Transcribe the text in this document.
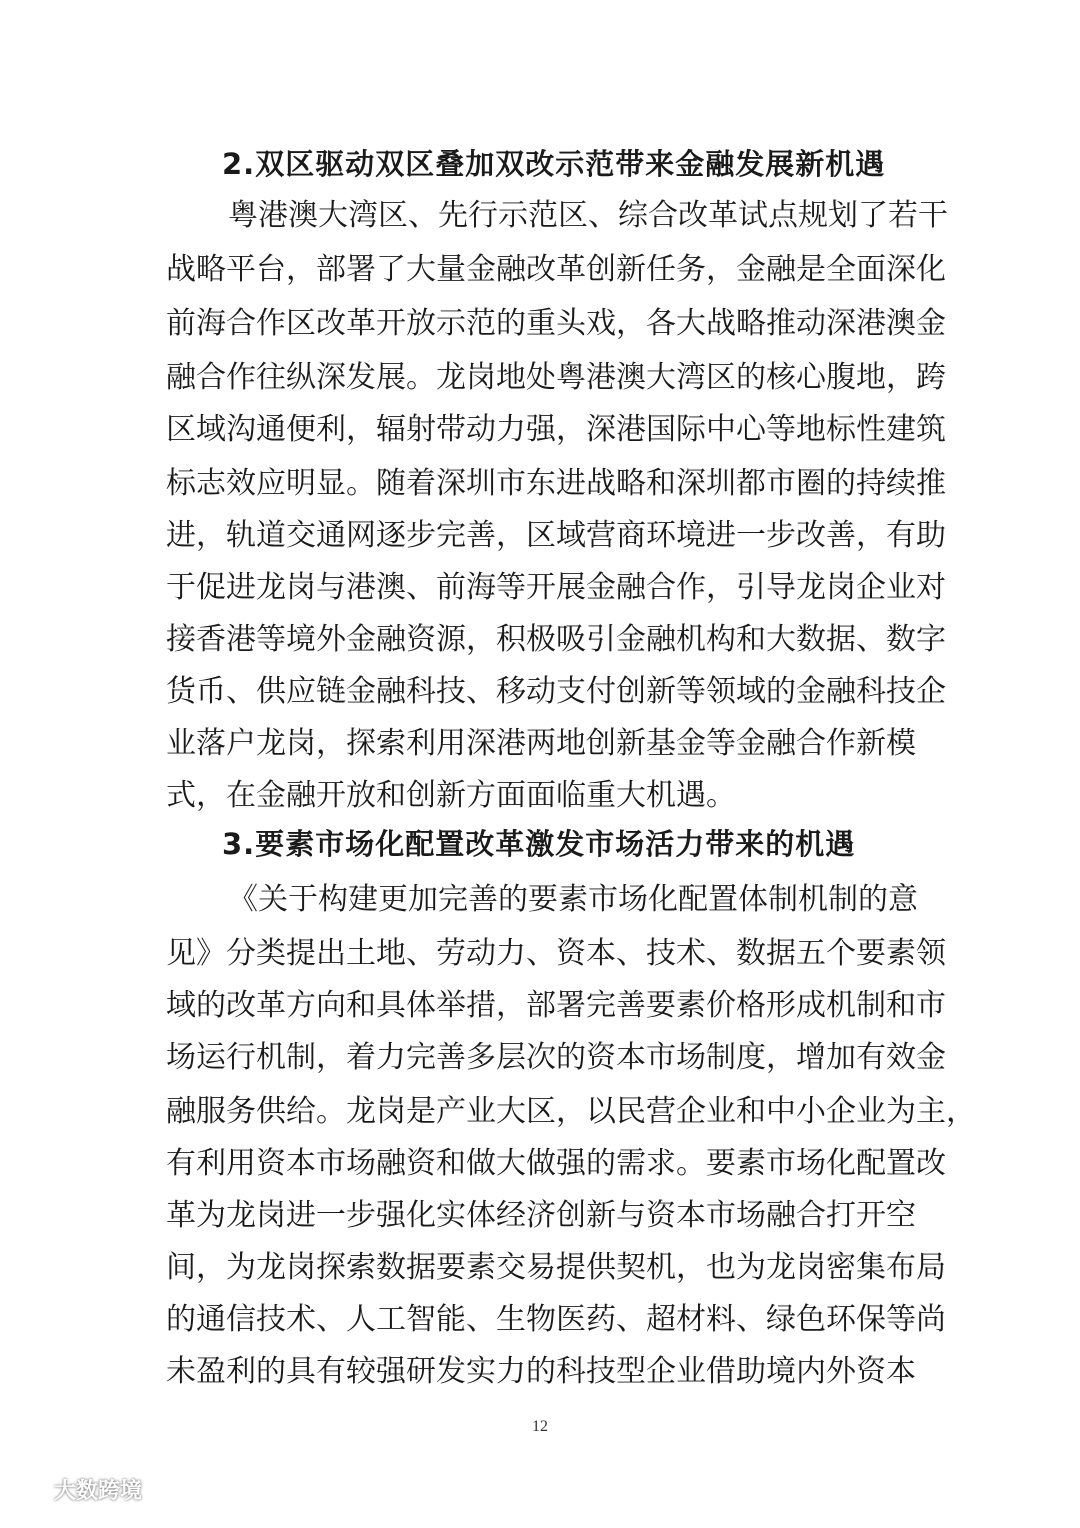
2.双区驱动双区叠加双改示范带来金融发展新机遇
粤港澳大湾区、先行示范区、综合改革试点规划了若干
战略平台，部署了大量金融改革创新任务，金融是全面深化
前海合作区改革开放示范的重头戏，各大战略推动深港澳金
融合作往纵深发展。龙岗地处粤港澳大湾区的核心腹地，跨
区域沟通便利，辐射带动力强，深港国际中心等地标性建筑
标志效应明显。随着深圳市东进战略和深圳都市圈的持续推
进，轨道交通网逐步完善，区域营商环境进一步改善，有助
于促进龙岗与港澳、前海等开展金融合作，引导龙岗企业对
接香港等境外金融资源，积极吸引金融机构和大数据、数字
货币、供应链金融科技、移动支付创新等领域的金融科技企
业落户龙岗，探索利用深港两地创新基金等金融合作新模
式，在金融开放和创新方面面临重大机遇。
3.要素市场化配置改革激发市场活力带来的机遇
《关于构建更加完善的要素市场化配置体制机制的意
见》分类提出土地、劳动力、资本、技术、数据五个要素领
域的改革方向和具体举措，部署完善要素价格形成机制和市
场运行机制，着力完善多层次的资本市场制度，增加有效金
融服务供给。龙岗是产业大区，以民营企业和中小企业为主，
有利用资本市场融资和做大做强的需求。要素市场化配置改
革为龙岗进一步强化实体经济创新与资本市场融合打开空
间，为龙岗探索数据要素交易提供契机，也为龙岗密集布局
的通信技术、人工智能、生物医药、超材料、绿色环保等尚
未盈利的具有较强研发实力的科技型企业借助境内外资本
12
大数跨境
